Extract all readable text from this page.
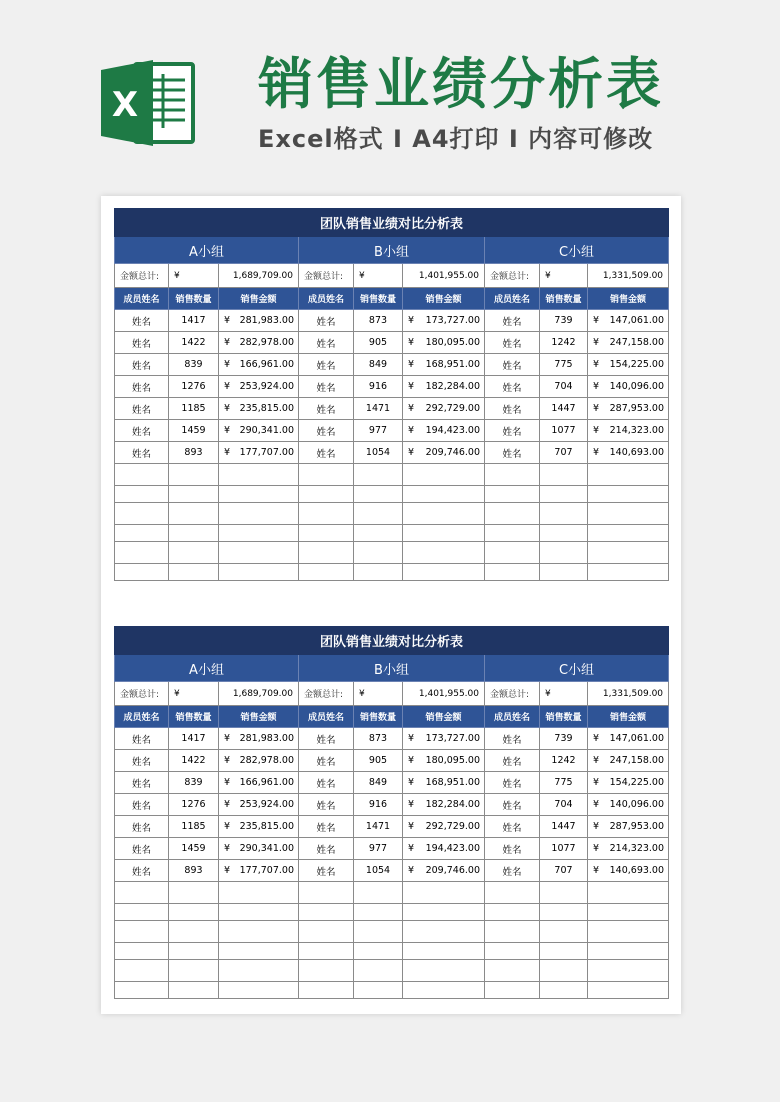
X 销售业绩分析表
Excel格式 I A4打印 I 内容可修改
团队销售业绩对比分析表								
A小组			B小组			C小组		
金额总计:	¥	1,689,709.00	金额总计:	¥	1,401,955.00	金额总计:	¥	1,331,509.00
成员姓名	销售数量	销售金额	成员姓名	销售数量	销售金额	成员姓名	销售数量	销售金额
姓名	1417	¥ 281,983.00	姓名	873	¥ 173,727.00	姓名	739	¥ 147,061.00

姓名	1422	¥ 282,978.00	姓名	905	¥ 180,095.00	姓名	1242	¥ 247,158.00

姓名	839	¥ 166,961.00	姓名	849	¥ 168,951.00	姓名	775	¥ 154,225.00

姓名	1276	¥ 253,924.00	姓名	916	¥ 182,284.00	姓名	704	¥ 140,096.00

姓名	1185	¥ 235,815.00	姓名	1471	¥ 292,729.00	姓名	1447	¥ 287,953.00

姓名	1459	¥ 290,341.00	姓名	977	¥ 194,423.00	姓名	1077	¥ 214,323.00

姓名	893	¥ 177,707.00	姓名	1054	¥ 209,746.00	姓名	707	¥ 140,693.00

团队销售业绩对比分析表								
A小组			B小组			C小组		
金额总计:	¥	1,689,709.00	金额总计:	¥	1,401,955.00	金额总计:	¥	1,331,509.00
成员姓名	销售数量	销售金额	成员姓名	销售数量	销售金额	成员姓名	销售数量	销售金额
姓名	1417	¥ 281,983.00	姓名	873	¥ 173,727.00	姓名	739	¥ 147,061.00

姓名	1422	¥ 282,978.00	姓名	905	¥ 180,095.00	姓名	1242	¥ 247,158.00

姓名	839	¥ 166,961.00	姓名	849	¥ 168,951.00	姓名	775	¥ 154,225.00

姓名	1276	¥ 253,924.00	姓名	916	¥ 182,284.00	姓名	704	¥ 140,096.00

姓名	1185	¥ 235,815.00	姓名	1471	¥ 292,729.00	姓名	1447	¥ 287,953.00

姓名	1459	¥ 290,341.00	姓名	977	¥ 194,423.00	姓名	1077	¥ 214,323.00

姓名	893	¥ 177,707.00	姓名	1054	¥ 209,746.00	姓名	707	¥ 140,693.00
